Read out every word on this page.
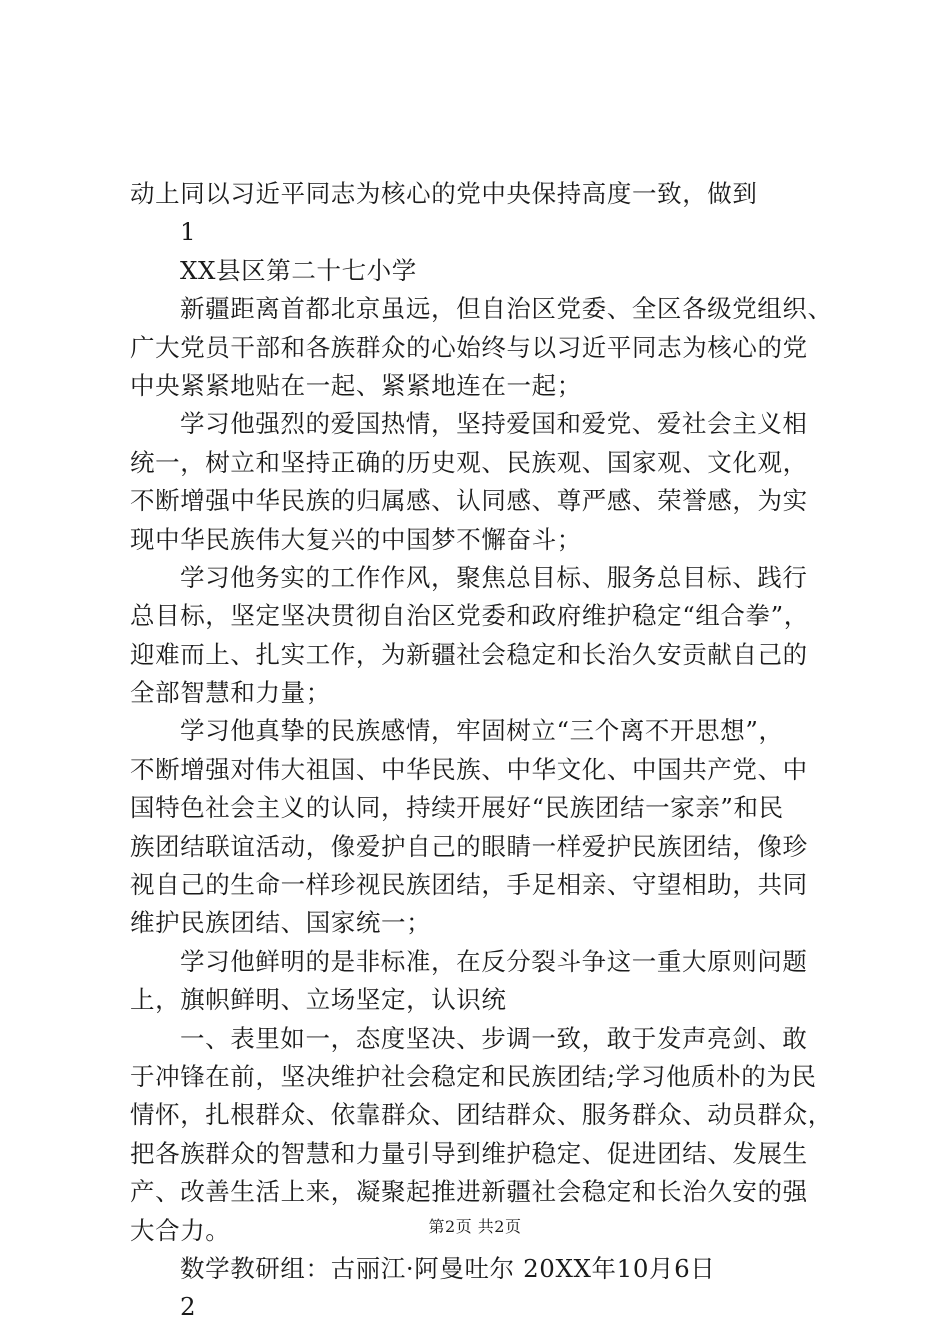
动上同以习近平同志为核心的党中央保持高度一致，做到
1
XX县区第二十七小学
新疆距离首都北京虽远，但自治区党委、全区各级党组织、
广大党员干部和各族群众的心始终与以习近平同志为核心的党
中央紧紧地贴在一起、紧紧地连在一起；
学习他强烈的爱国热情，坚持爱国和爱党、爱社会主义相
统一，树立和坚持正确的历史观、民族观、国家观、文化观，
不断增强中华民族的归属感、认同感、尊严感、荣誉感，为实
现中华民族伟大复兴的中国梦不懈奋斗；
学习他务实的工作作风，聚焦总目标、服务总目标、践行
总目标，坚定坚决贯彻自治区党委和政府维护稳定“组合拳”，
迎难而上、扎实工作，为新疆社会稳定和长治久安贡献自己的
全部智慧和力量；
学习他真挚的民族感情，牢固树立“三个离不开思想”，
不断增强对伟大祖国、中华民族、中华文化、中国共产党、中
国特色社会主义的认同，持续开展好“民族团结一家亲”和民
族团结联谊活动，像爱护自己的眼睛一样爱护民族团结，像珍
视自己的生命一样珍视民族团结，手足相亲、守望相助，共同
维护民族团结、国家统一；
学习他鲜明的是非标准，在反分裂斗争这一重大原则问题
上，旗帜鲜明、立场坚定，认识统
一、表里如一，态度坚决、步调一致，敢于发声亮剑、敢
于冲锋在前，坚决维护社会稳定和民族团结;学习他质朴的为民
情怀，扎根群众、依靠群众、团结群众、服务群众、动员群众，
把各族群众的智慧和力量引导到维护稳定、促进团结、发展生
产、改善生活上来，凝聚起推进新疆社会稳定和长治久安的强
大合力。
数学教研组：古丽江·阿曼吐尔 20XX年10月6日
2
第2页 共2页
